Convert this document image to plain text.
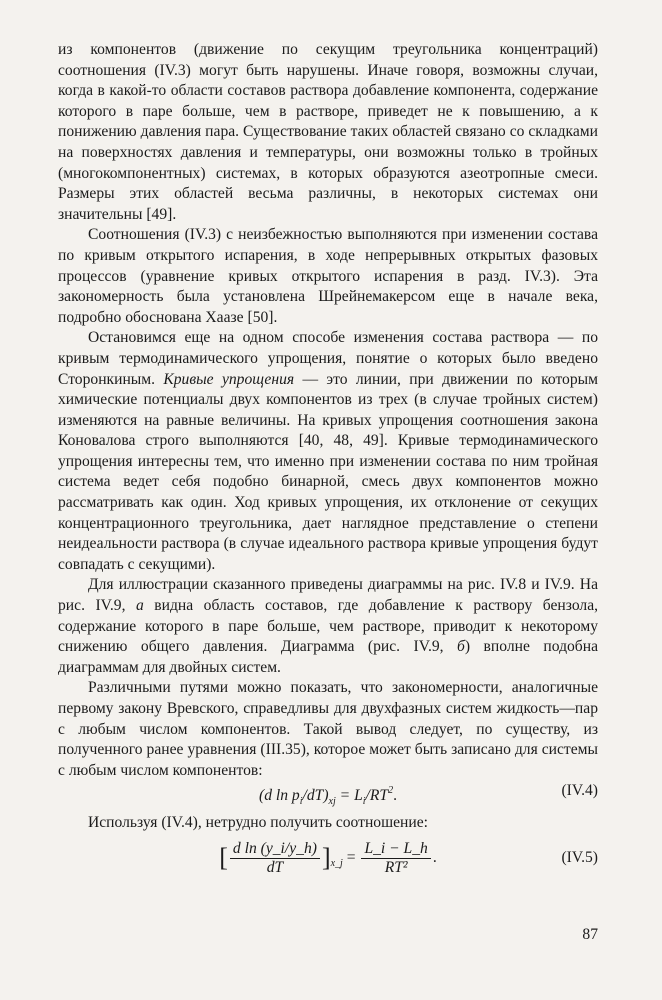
из компонентов (движение по секущим треугольника концентраций) соотношения (IV.3) могут быть нарушены. Иначе говоря, возможны случаи, когда в какой-то области составов раствора добавление компонента, содержание которого в паре больше, чем в растворе, приведет не к повышению, а к понижению давления пара. Существование таких областей связано со складками на поверхностях давления и температуры, они возможны только в тройных (многокомпонентных) системах, в которых образуются азеотропные смеси. Размеры этих областей весьма различны, в некоторых системах они значительны [49].

Соотношения (IV.3) с неизбежностью выполняются при изменении состава по кривым открытого испарения, в ходе непрерывных открытых фазовых процессов (уравнение кривых открытого испарения в разд. IV.3). Эта закономерность была установлена Шрейнемакерсом еще в начале века, подробно обоснована Хаазе [50].

Остановимся еще на одном способе изменения состава раствора — по кривым термодинамического упрощения, понятие о которых было введено Сторонкиным. Кривые упрощения — это линии, при движении по которым химические потенциалы двух компонентов из трех (в случае тройных систем) изменяются на равные величины. На кривых упрощения соотношения закона Коновалова строго выполняются [40, 48, 49]. Кривые термодинамического упрощения интересны тем, что именно при изменении состава по ним тройная система ведет себя подобно бинарной, смесь двух компонентов можно рассматривать как один. Ход кривых упрощения, их отклонение от секущих концентрационного треугольника, дает наглядное представление о степени неидеальности раствора (в случае идеального раствора кривые упрощения будут совпадать с секущими).

Для иллюстрации сказанного приведены диаграммы на рис. IV.8 и IV.9. На рис. IV.9, а видна область составов, где добавление к раствору бензола, содержание которого в паре больше, чем растворе, приводит к некоторому снижению общего давления. Диаграмма (рис. IV.9, б) вполне подобна диаграммам для двойных систем.

Различными путями можно показать, что закономерности, аналогичные первому закону Вревского, справедливы для двухфазных систем жидкость—пар с любым числом компонентов. Такой вывод следует, по существу, из полученного ранее уравнения (III.35), которое может быть записано для системы с любым числом компонентов:

(d $\ln p_i/dT)_{xj} = L_i/RT^2$.	(IV.4)

Используя (IV.4), нетрудно получить соотношение:

[ $\frac{\text{d ln (y\_i/y\_h)}}{dT} ]_{x\_j} = \frac{L\_i - L\_h}{\text{RT²}}$ .	(IV.5)
87
